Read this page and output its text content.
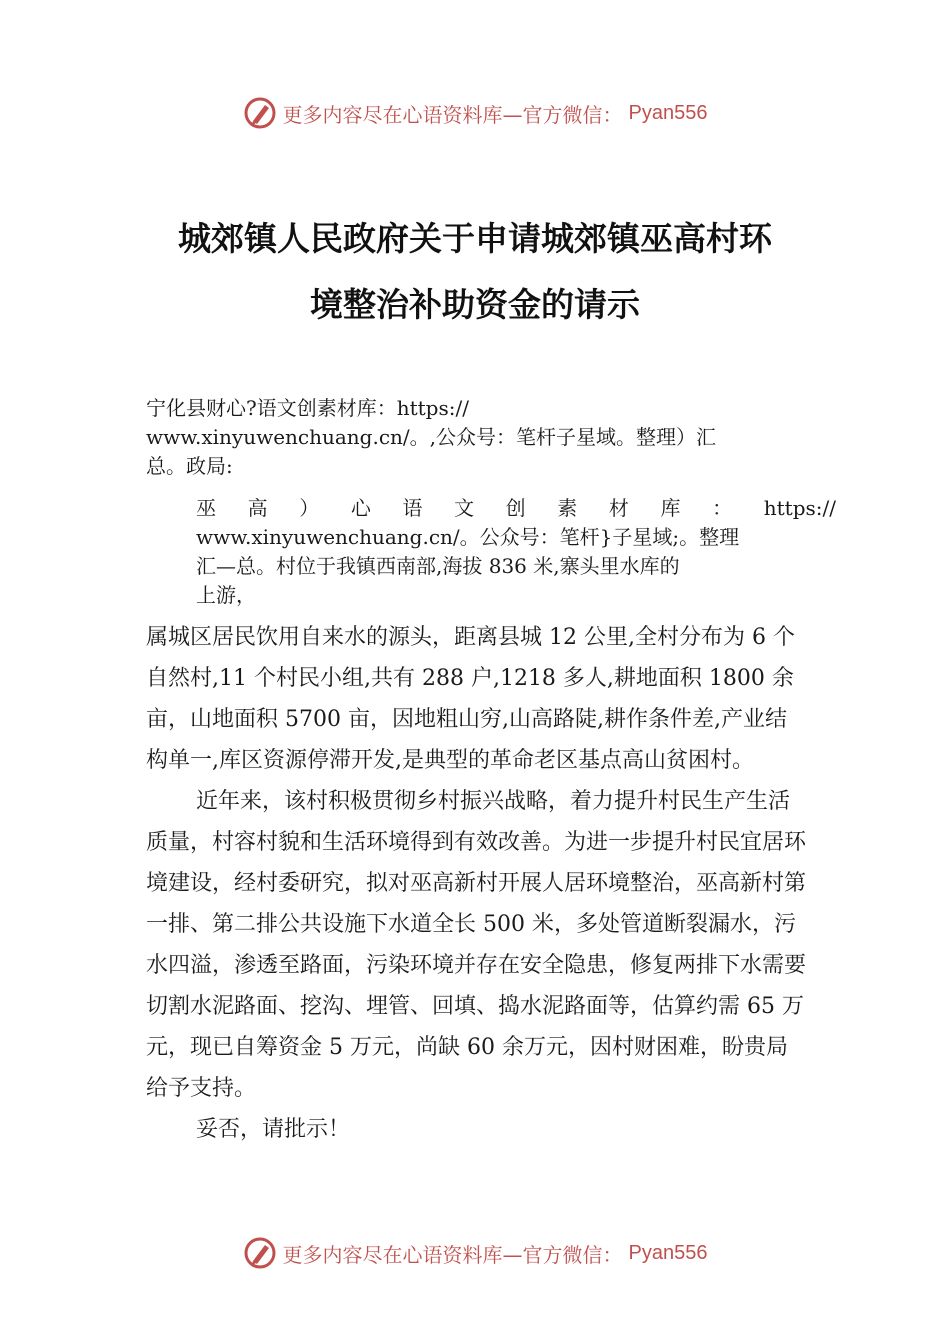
更多内容尽在心语资料库—官方微信： Pyan556
城郊镇人民政府关于申请城郊镇巫高村环
境整治补助资金的请示
宁化县财心?语文创素材库：https://
www.xinyuwenchuang.cn/。,公众号：笔杆子星域。整理）汇
总。政局:
巫 高 ） 心 语 文 创 素 材 库 ： https://
www.xinyuwenchuang.cn/。公众号：笔杆}子星域;。整理
汇—总。村位于我镇西南部,海拔 836 米,寨头里水库的
上游，

属城区居民饮用自来水的源头，距离县城 12 公里,全村分布为 6 个自然村,11 个村民小组,共有 288 户,1218 多人,耕地面积 1800 余亩，山地面积 5700 亩，因地粗山穷,山高路陡,耕作条件差,产业结构单一,库区资源停滞开发,是典型的革命老区基点高山贫困村。

近年来，该村积极贯彻乡村振兴战略，着力提升村民生产生活质量，村容村貌和生活环境得到有效改善。为进一步提升村民宜居环境建设，经村委研究，拟对巫高新村开展人居环境整治，巫高新村第一排、第二排公共设施下水道全长 500 米，多处管道断裂漏水，污水四溢，渗透至路面，污染环境并存在安全隐患，修复两排下水需要切割水泥路面、挖沟、埋管、回填、捣水泥路面等，估算约需 65 万元，现已自筹资金 5 万元，尚缺 60 余万元，因村财困难，盼贵局给予支持。

妥否，请批示！

更多内容尽在心语资料库—官方微信： Pyan556
